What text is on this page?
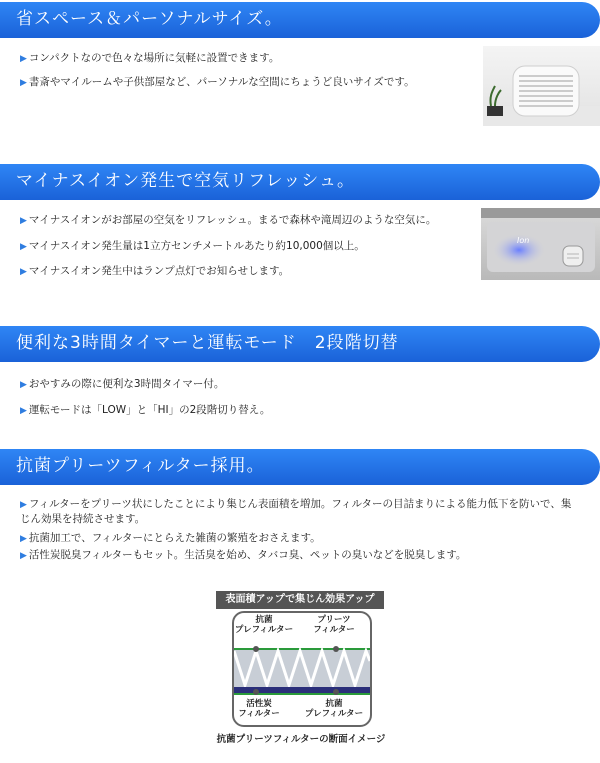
省スペース＆パーソナルサイズ。
▶ コンパクトなので色々な場所に気軽に設置できます。
▶ 書斎やマイルームや子供部屋など、パーソナルな空間にちょうど良いサイズです。
マイナスイオン発生で空気リフレッシュ。
▶ マイナスイオンがお部屋の空気をリフレッシュ。まるで森林や滝周辺のような空気に。
▶ マイナスイオン発生量は1立方センチメートルあたり約10,000個以上。
▶ マイナスイオン発生中はランプ点灯でお知らせします。
Ion
便利な3時間タイマーと運転モード　2段階切替
▶ おやすみの際に便利な3時間タイマー付。
▶ 運転モードは「LOW」と「HI」の2段階切り替え。
抗菌プリーツフィルター採用。
▶ フィルターをプリーツ状にしたことにより集じん表面積を増加。フィルターの目詰まりによる能力低下を防いで、集じん効果を持続させます。
▶ 抗菌加工で、フィルターにとらえた雑菌の繁殖をおさえます。
▶ 活性炭脱臭フィルターもセット。生活臭を始め、タバコ臭、ペットの臭いなどを脱臭します。
表面積アップで集じん効果アップ
抗菌
プレフィルター
プリーツ
フィルター
活性炭
フィルター
抗菌
プレフィルター
抗菌プリーツフィルターの断面イメージ
